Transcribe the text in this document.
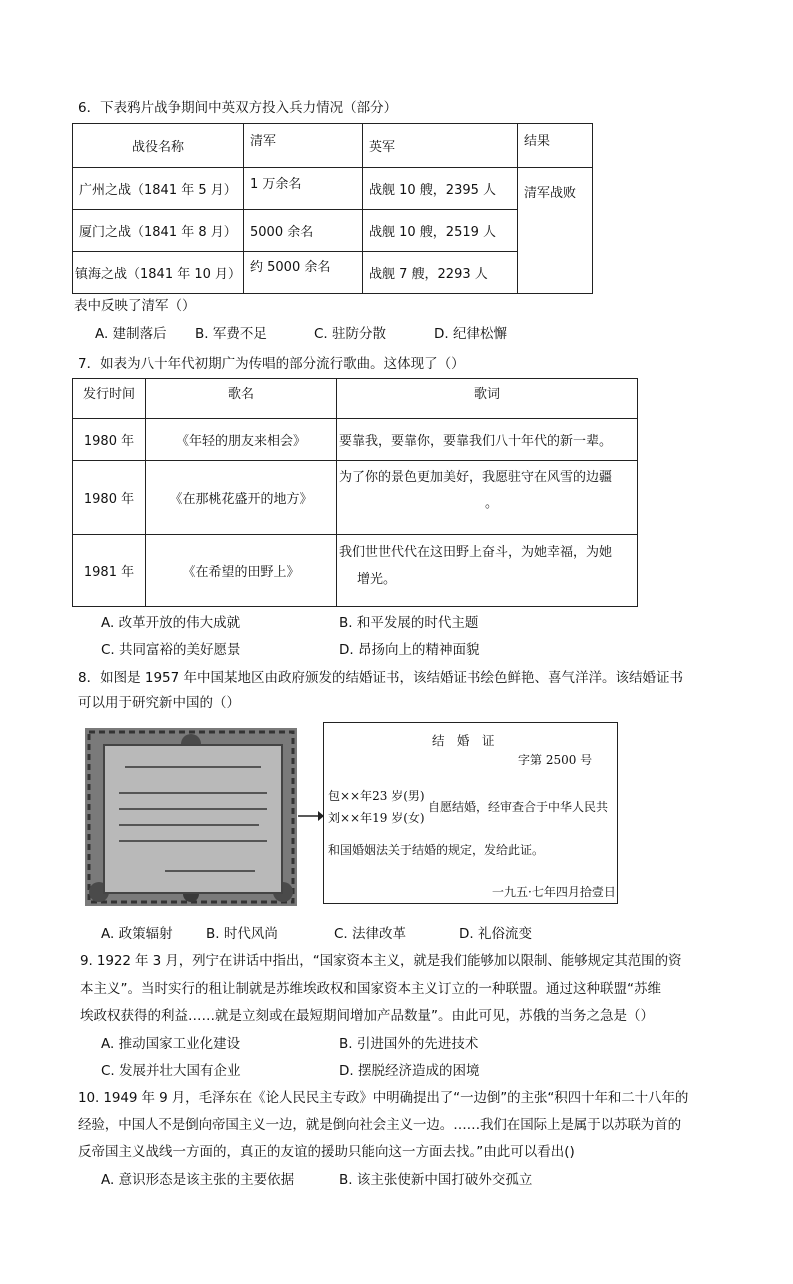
6．下表鸦片战争期间中英双方投入兵力情况（部分）
战役名称	清军	英军	结果
广州之战（1841 年 5 月）	1 万余名	战舰 10 艘，2395 人	清军战败
厦门之战（1841 年 8 月）	5000 余名	战舰 10 艘，2519 人	
镇海之战（1841 年 10 月）	约 5000 余名	战舰 7 艘，2293 人	
表中反映了清军（）
A. 建制落后 B. 军费不足	C. 驻防分散	D. 纪律松懈
7．如表为八十年代初期广为传唱的部分流行歌曲。这体现了（）
发行时间	歌名	歌词
1980 年	《年轻的朋友来相会》	要靠我，要靠你，要靠我们八十年代的新一辈。
1980 年	《在那桃花盛开的地方》	为了你的景色更加美好，我愿驻守在风雪的边疆
。

1981 年	《在希望的田野上》	我们世世代代在这田野上奋斗，为她幸福，为她
增光。
A. 改革开放的伟大成就	B. 和平发展的时代主题
C. 共同富裕的美好愿景	D. 昂扬向上的精神面貌
8．如图是 1957 年中国某地区由政府颁发的结婚证书，该结婚证书绘色鲜艳、喜气洋洋。该结婚证书
可以用于研究新中国的（）
结　婚　证
字第 2500 号
包××年23 岁(男)
刘××年19 岁(女)
自愿结婚，经审查合于中华人民共
和国婚姻法关于结婚的规定，发给此证。
一九五·七年四月拾壹日
A. 政策辐射 B. 时代风尚	C. 法律改革	D. 礼俗流变
9. 1922 年 3 月，列宁在讲话中指出，“国家资本主义，就是我们能够加以限制、能够规定其范围的资
本主义”。当时实行的租让制就是苏维埃政权和国家资本主义订立的一种联盟。通过这种联盟“苏维
埃政权获得的利益……就是立刻或在最短期间增加产品数量”。由此可见，苏俄的当务之急是（）
A. 推动国家工业化建设	B. 引进国外的先进技术
C. 发展并壮大国有企业	D. 摆脱经济造成的困境
10. 1949 年 9 月，毛泽东在《论人民民主专政》中明确提出了“一边倒”的主张“积四十年和二十八年的
经验，中国人不是倒向帝国主义一边，就是倒向社会主义一边。……我们在国际上是属于以苏联为首的
反帝国主义战线一方面的，真正的友谊的援助只能向这一方面去找。”由此可以看出()
A. 意识形态是该主张的主要依据	B. 该主张使新中国打破外交孤立
